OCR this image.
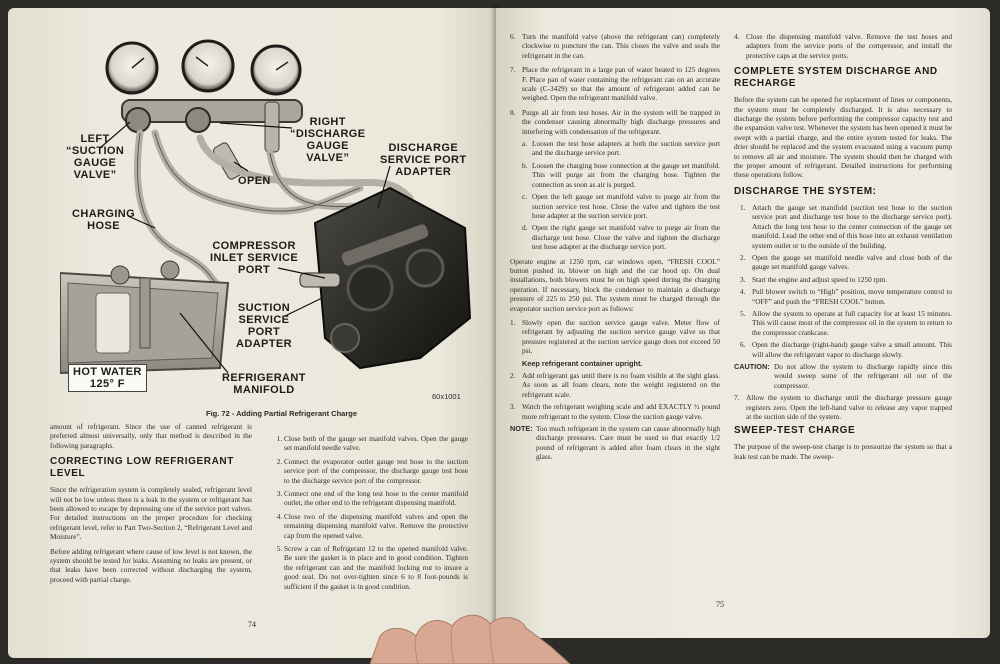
LEFT
“SUCTION
GAUGE
VALVE”
RIGHT
“DISCHARGE
GAUGE
VALVE”
DISCHARGE
SERVICE PORT
ADAPTER
OPEN
CHARGING
HOSE
COMPRESSOR
INLET SERVICE
PORT
SUCTION
SERVICE
PORT
ADAPTER
HOT WATER
125° F	REFRIGERANT
MANIFOLD
60x1001
Fig. 72 - Adding Partial Refrigerant Charge

amount of refrigerant. Since the use of canned refrigerant is preferred almost universally, only that method is described in the following paragraphs.

CORRECTING LOW REFRIGERANT LEVEL

Since the refrigeration system is completely sealed, refrigerant level will not be low unless there is a leak in the system or refrigerant has been allowed to escape by depressing one of the service port valves. For detailed instructions on the proper procedure for checking refrigerant level, refer to Part Two-Section 2, “Refrigerant Level and Moisture”.

Before adding refrigerant where cause of low level is not known, the system should be tested for leaks. Assuming no leaks are present, or that leaks have been corrected without discharging the system, proceed with partial charge.

1. Close both of the gauge set manifold valves. Open the gauge set manifold needle valve.
2. Connect the evaporator outlet gauge test hose to the suction service port of the compressor, the discharge gauge test hose to the discharge service port of the compressor.
3. Connect one end of the long test hose to the center manifold outlet, the other end to the refrigerant dispensing manifold.
4. Close two of the dispensing manifold valves and open the remaining dispensing manifold valve. Remove the protective cap from the opened valve.
5. Screw a can of Refrigerant 12 to the opened manifold valve. Be sure the gasket is in place and in good condition. Tighten the refrigerant can and the manifold locking nut to insure a good seal. Do not over-tighten since 6 to 8 foot-pounds is sufficient if the gasket is in good condition.
74
6. Turn the manifold valve (above the refrigerant can) completely clockwise to puncture the can. This closes the valve and seals the refrigerant in the can.
7. Place the refrigerant in a large pan of water heated to 125 degrees F. Place pan of water containing the refrigerant can on an accurate scale (C-3429) so that the amount of refrigerant added can be weighed. Open the refrigerant manifold valve.
8. Purge all air from test hoses. Air in the system will be trapped in the condenser causing abnormally high discharge pressures and interfering with condensation of the refrigerant.
a. Loosen the test hose adapters at both the suction service port and the discharge service port.
b. Loosen the charging hose connection at the gauge set manifold. This will purge air from the charging hose. Tighten the connection as soon as air is purged.
c. Open the left gauge set manifold valve to purge air from the suction service test hose. Close the valve and tighten the test hose adapter at the suction service port.
d. Open the right gauge set manifold valve to purge air from the discharge test hose. Close the valve and tighten the discharge test hose adapter at the discharge service port.

Operate engine at 1250 rpm, car windows open, “FRESH COOL” button pushed in, blower on high and the car hood up. On dual installations, both blowers must be on high speed during the charging operation. If necessary, block the condenser to maintain a discharge pressure of 225 to 250 psi. The system must be charged through the evaporator suction service port as follows:

1. Slowly open the suction service gauge valve. Meter flow of refrigerant by adjusting the suction service gauge valve so that pressure registered at the suction service gauge does not exceed 50 psi.
Keep refrigerant container upright.
2. Add refrigerant gas until there is no foam visible at the sight glass. As soon as all foam clears, note the weight registered on the refrigerant scale.
3. Watch the refrigerant weighing scale and add EXACTLY ½ pound more refrigerant to the system. Close the suction gauge valve.
NOTE: Too much refrigerant in the system can cause abnormally high discharge pressures. Care must be used so that exactly 1/2 pound of refrigerant is added after foam clears in the sight glass.
4. Close the dispensing manifold valve. Remove the test hoses and adapters from the service ports of the compressor, and install the protective caps at the service ports.
COMPLETE SYSTEM DISCHARGE AND RECHARGE

Before the system can be opened for replacement of lines or components, the system must be completely discharged. It is also necessary to discharge the system before performing the compressor capacity test and the expansion valve test. Whenever the system has been opened it must be swept with a partial charge, and the entire system tested for leaks. The drier should be replaced and the system evacuated using a vacuum pump to remove all air and moisture. The system should then be charged with the proper amount of refrigerant. Detailed instructions for performing these operations follow.

DISCHARGE THE SYSTEM:
1. Attach the gauge set manifold (suction test hose to the suction service port and discharge test hose to the discharge service port). Attach the long test hose to the center connection of the gauge set manifold. Lead the other end of this hose into an exhaust ventilation system outlet or to the outside of the building.
2. Open the gauge set manifold needle valve and close both of the gauge set manifold gauge valves.
3. Start the engine and adjust speed to 1250 rpm.
4. Pull blower switch to “High” position, move temperature control to “OFF” and push the “FRESH COOL” button.
5. Allow the system to operate at full capacity for at least 15 minutes. This will cause most of the compressor oil in the system to return to the compressor crankcase.
6. Open the discharge (right-hand) gauge valve a small amount. This will allow the refrigerant vapor to discharge slowly.
CAUTION: Do not allow the system to discharge rapidly since this would sweep some of the refrigerant oil out of the compressor.
7. Allow the system to discharge until the discharge pressure gauge registers zero. Open the left-hand valve to release any vapor trapped at the suction side of the system.
SWEEP-TEST CHARGE

The purpose of the sweep-test charge is to pressurize the system so that a leak test can be made. The sweep-

75
